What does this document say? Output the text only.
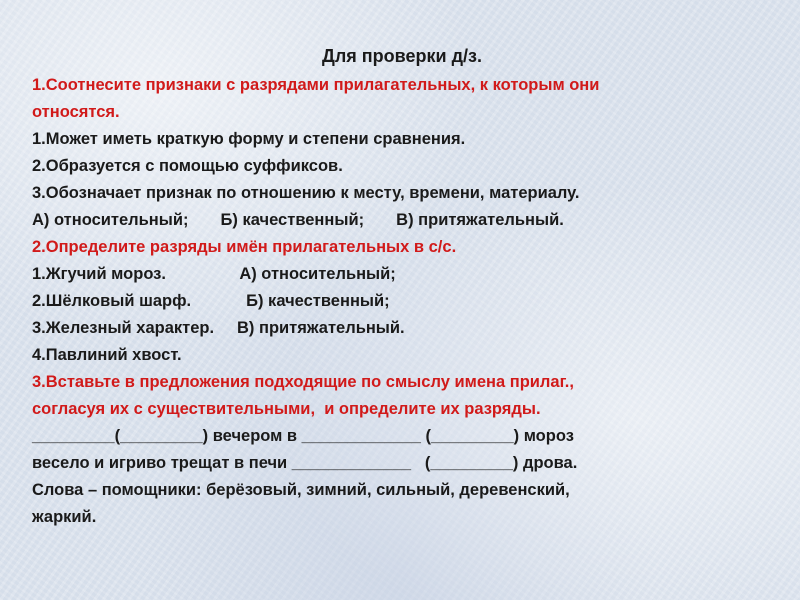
Для проверки д/з.

1.Соотнесите признаки с разрядами прилагательных, к которым они

относятся.

1.Может иметь краткую форму и степени сравнения.

2.Образуется с помощью суффиксов.

3.Обозначает признак по отношению к месту, времени, материалу.

А) относительный;       Б) качественный;       В) притяжательный.

2.Определите разряды имён прилагательных в с/с.

1.Жгучий мороз.                А) относительный;

2.Шёлковый шарф.            Б) качественный;

3.Железный характер.     В) притяжательный.

4.Павлиний хвост.

3.Вставьте в предложения подходящие по смыслу имена прилаг.,

согласуя их с существительными,  и определите их разряды.

_________(_________) вечером в _____________ (_________) мороз

весело и игриво трещат в печи _____________   (_________) дрова.

Слова – помощники: берёзовый, зимний, сильный, деревенский,

жаркий.
